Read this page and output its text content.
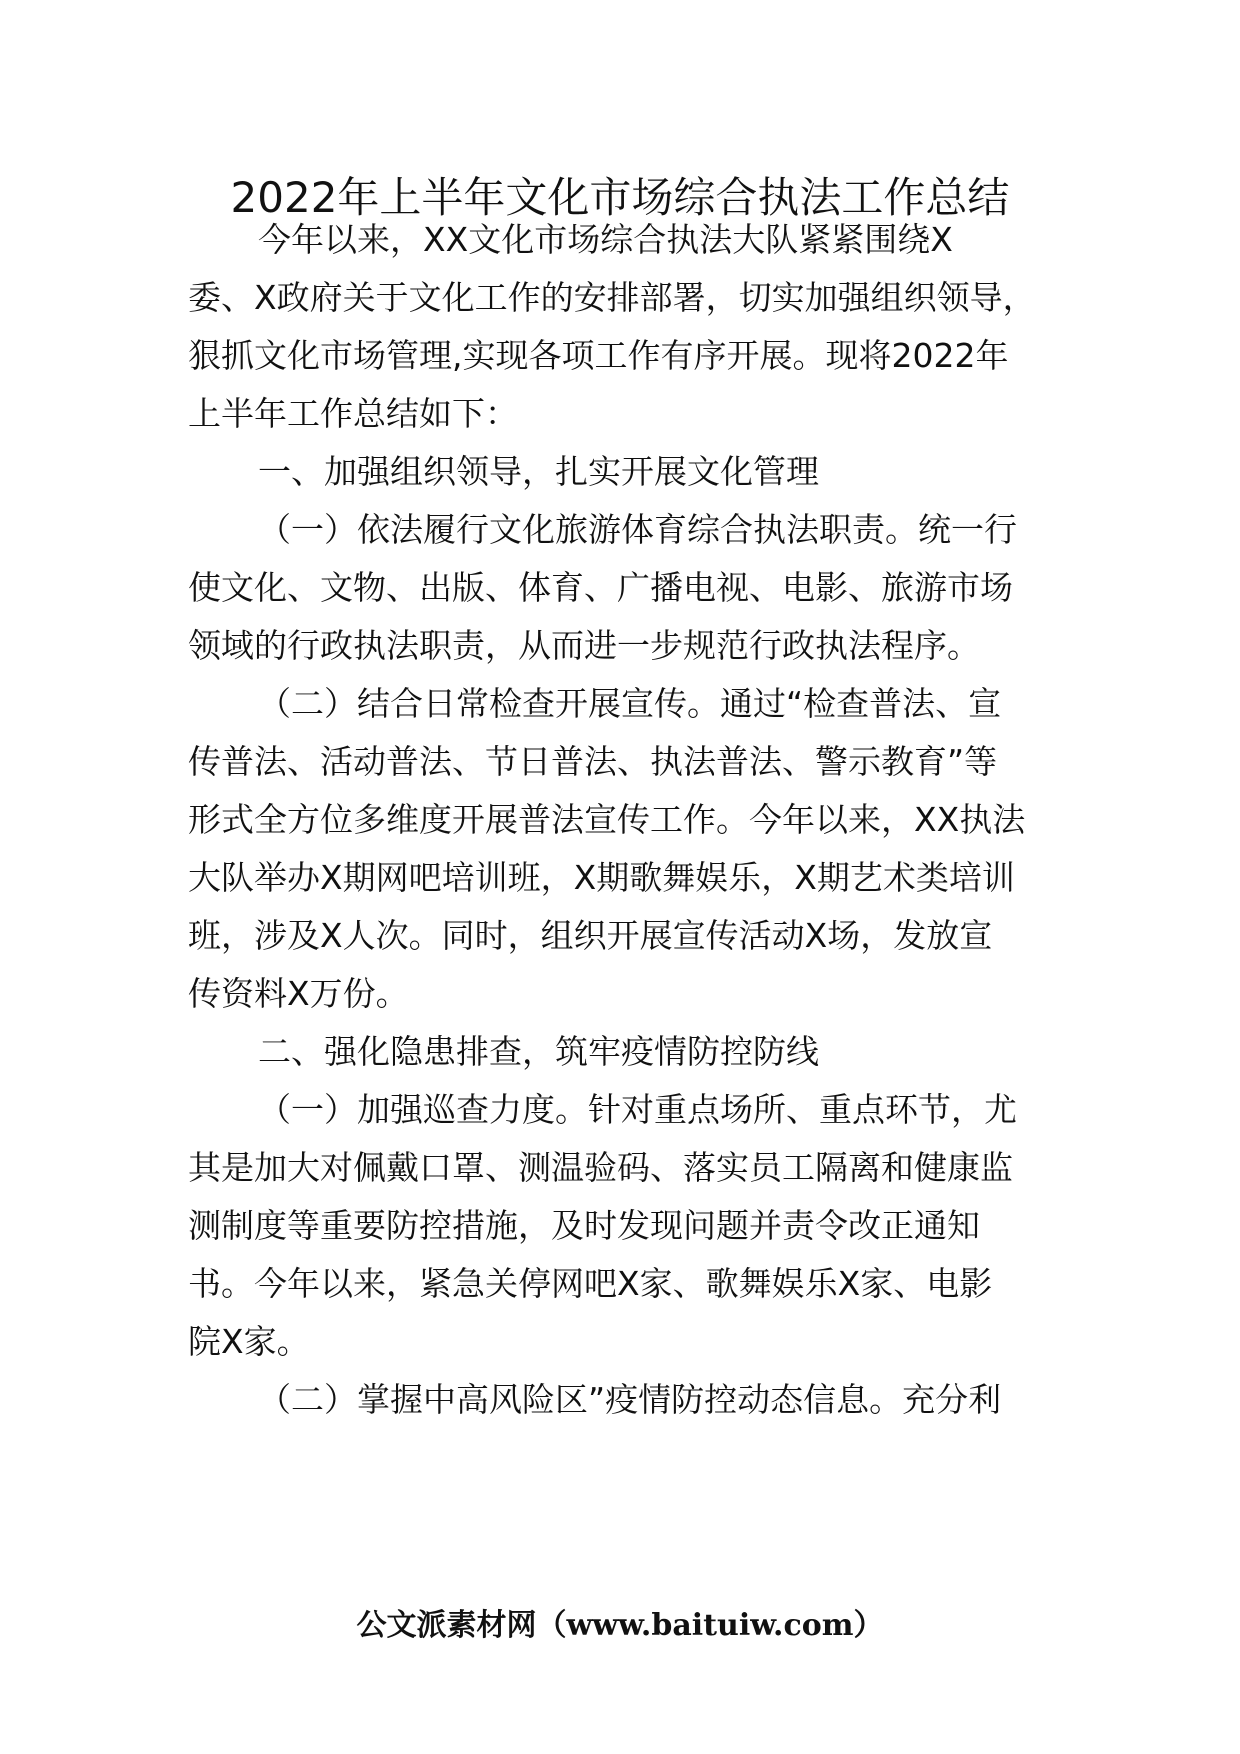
2022年上半年文化市场综合执法工作总结
今年以来，XX文化市场综合执法大队紧紧围绕X
委、X政府关于文化工作的安排部署，切实加强组织领导，
狠抓文化市场管理,实现各项工作有序开展。现将2022年
上半年工作总结如下：
一、加强组织领导，扎实开展文化管理
（一）依法履行文化旅游体育综合执法职责。统一行
使文化、文物、出版、体育、广播电视、电影、旅游市场
领域的行政执法职责，从而进一步规范行政执法程序。
（二）结合日常检查开展宣传。通过“检查普法、宣
传普法、活动普法、节日普法、执法普法、警示教育”等
形式全方位多维度开展普法宣传工作。今年以来，XX执法
大队举办X期网吧培训班，X期歌舞娱乐，X期艺术类培训
班，涉及X人次。同时，组织开展宣传活动X场，发放宣
传资料X万份。
二、强化隐患排查，筑牢疫情防控防线
（一）加强巡查力度。针对重点场所、重点环节，尤
其是加大对佩戴口罩、测温验码、落实员工隔离和健康监
测制度等重要防控措施，及时发现问题并责令改正通知
书。今年以来，紧急关停网吧X家、歌舞娱乐X家、电影
院X家。
（二）掌握中高风险区”疫情防控动态信息。充分利
公文派素材网（www.baituiw.com）
